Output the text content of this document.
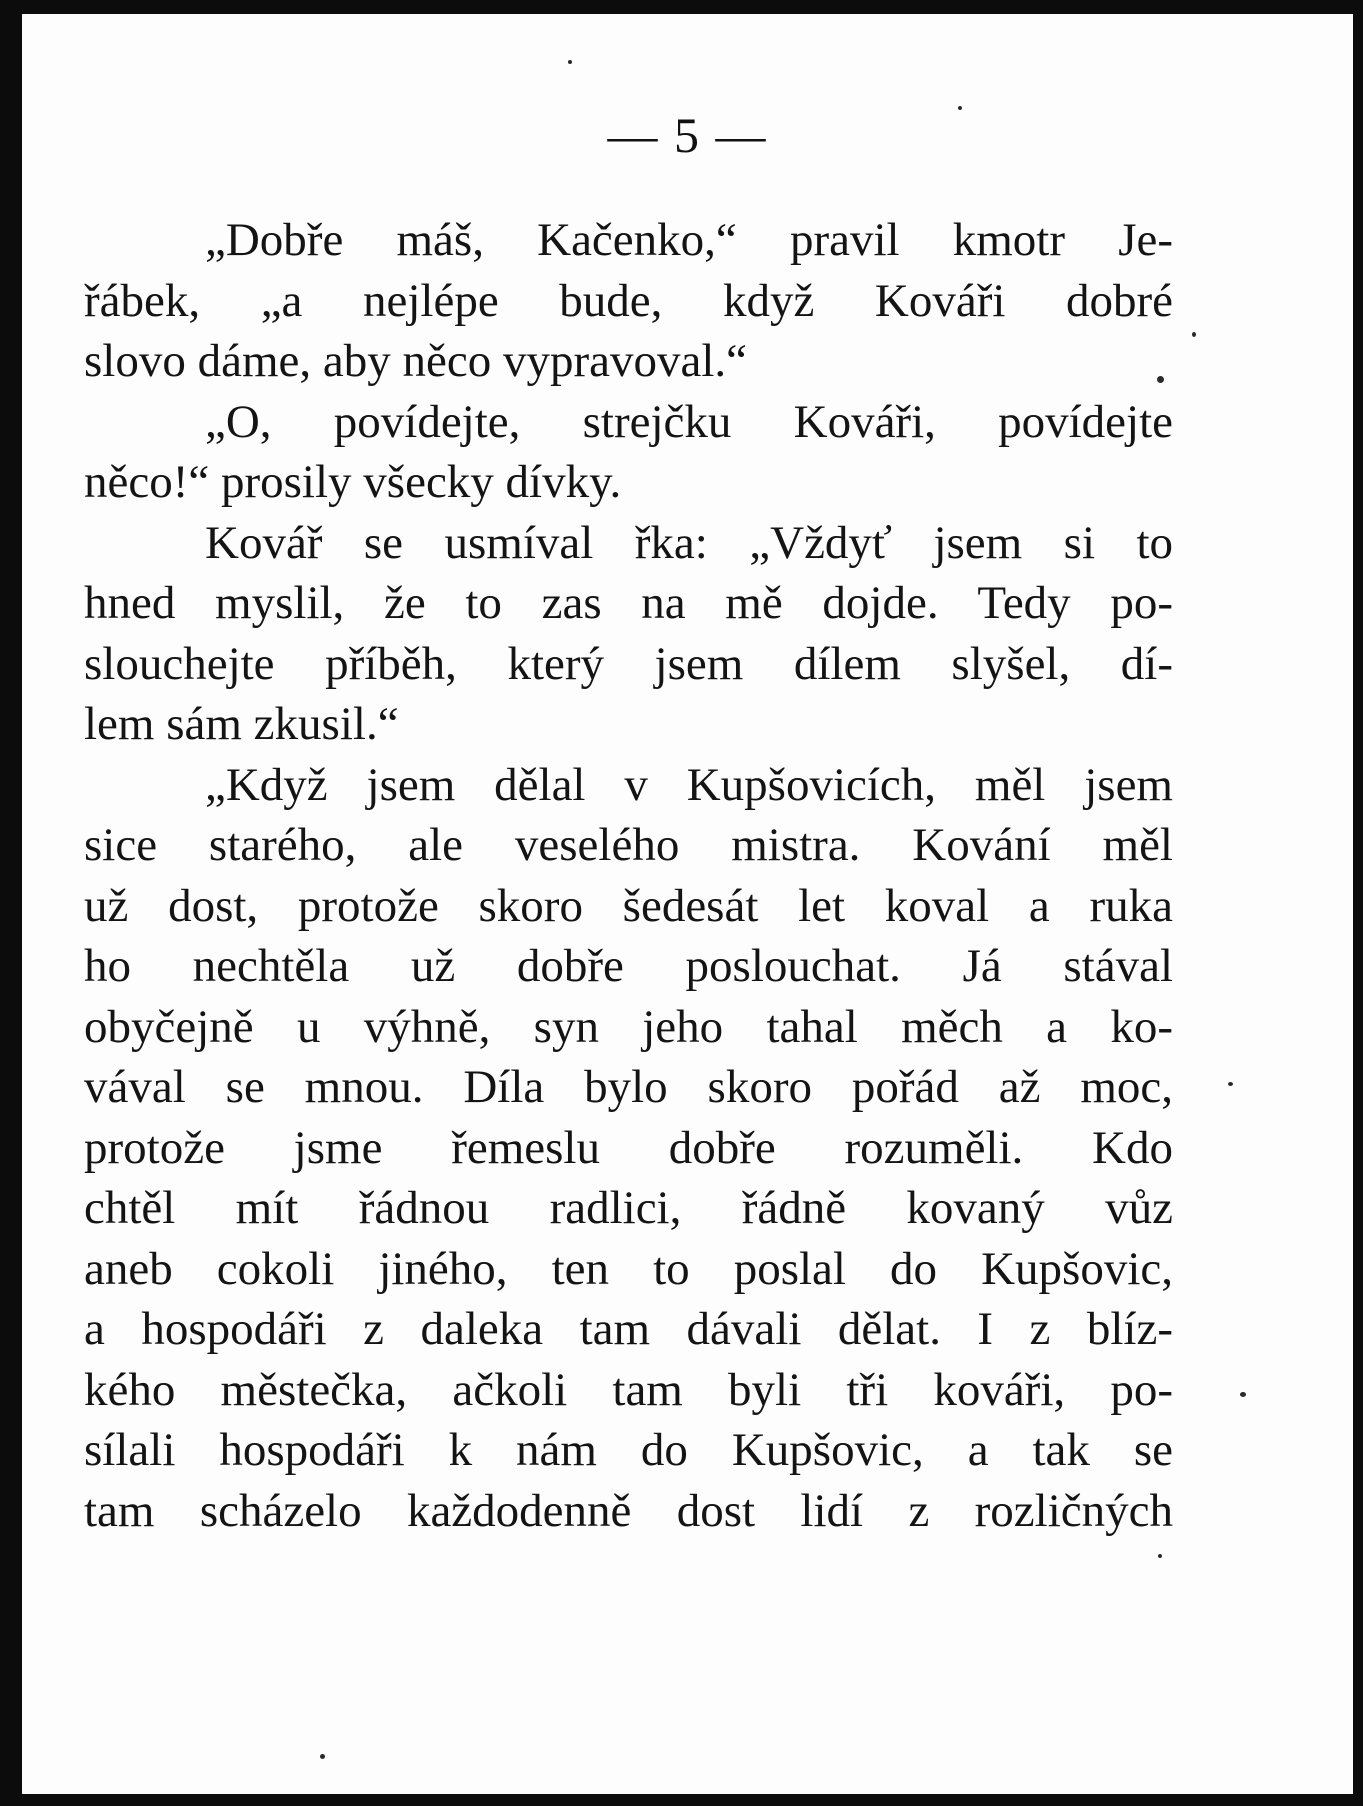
— 5 —
„Dobře máš, Kačenko,“ pravil kmotr Je-
řábek, „a nejlépe bude, když Kováři dobré
slovo dáme, aby něco vypravoval.“
„O, povídejte, strejčku Kováři, povídejte
něco!“ prosily všecky dívky.
Kovář se usmíval řka: „Vždyť jsem si to
hned myslil, že to zas na mě dojde. Tedy po-
slouchejte příběh, který jsem dílem slyšel, dí-
lem sám zkusil.“
„Když jsem dělal v Kupšovicích, měl jsem
sice starého, ale veselého mistra. Kování měl
už dost, protože skoro šedesát let koval a ruka
ho nechtěla už dobře poslouchat. Já stával
obyčejně u výhně, syn jeho tahal měch a ko-
vával se mnou. Díla bylo skoro pořád až moc,
protože jsme řemeslu dobře rozuměli. Kdo
chtěl mít řádnou radlici, řádně kovaný vůz
aneb cokoli jiného, ten to poslal do Kupšovic,
a hospodáři z daleka tam dávali dělat. I z blíz-
kého městečka, ačkoli tam byli tři kováři, po-
sílali hospodáři k nám do Kupšovic, a tak se
tam scházelo každodenně dost lidí z rozličných
